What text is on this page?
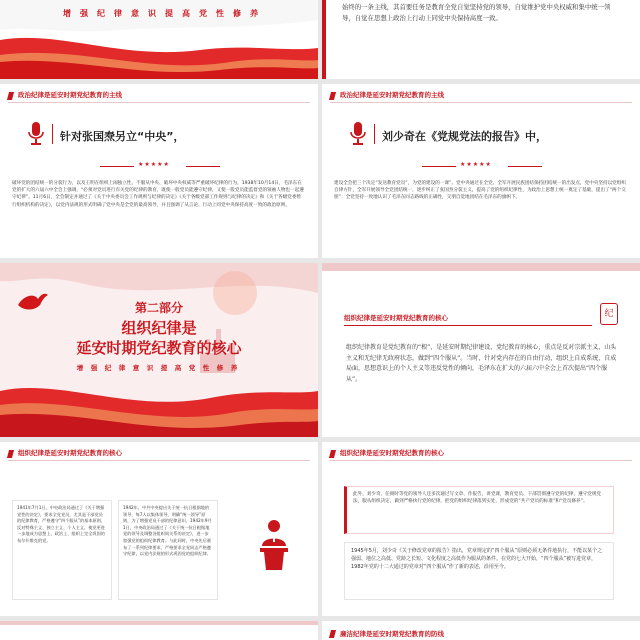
增	强	纪	律	意	识	提	高	党	性	修	养
始终的一条主线，其首要任务是教育全党自觉坚持党的领导，自觉维护党中央权威和集中统一领导，自觉在思想上政治上行动上同党中央保持高度一致。
政治纪律是延安时期党纪教育的主线
针对张国焘另立“中央”，
★★★★★
破坏党的团结统一的分裂行为，以及王明在组织上闹独立性、不服从中央、破坏中央权威等严重破坏纪律的行为，1938年10月14日，毛泽东在党的扩大的六届六中全会上强调，“必须对党员进行有关党的纪律的教育，既使一般党员能遵守纪律，又使一般党员能监督党的领袖人物也一起遵守纪律”。11月6日，全会制定并通过了《关于中央委员会工作规则与纪律的决定》《关于各级党部工作规则与纪律的决定》和《关于各级党委暂行组织机构的决定》，以党内法规的形式明确了党中央是全党的最高领导，并且强调了从言论、行动上同党中央保持高度一致的政治原则。
政治纪律是延安时期党纪教育的主线
刘少奇在《党规党法的报告》中，
★★★★★
建设全会把三个决定“发送教育党员”，为党的建设的一课”。党中央通过在全党、全军开展民族团结保持团结统一的出发点，党中央坚持以党组织自律方针，全军开展领导全党团结统一，逐步纠正了张国焘分裂主义，提高了党的组织纪律性，为政治上思想上统一奠定了基础，提出了“两个交朋”：全党坚持一致地认识了毛泽东同志路线的正确性，交朋自觉地团结在毛泽东的旗帜下。
第二部分
组织纪律是
延安时期党纪教育的核心
增	强	纪	律	意	识	提	高	党	性	修	养
组织纪律是延安时期党纪教育的核心	纪
组织纪律教育是党纪教育的“根”，是延安时期纪律建设、党纪教育的核心，重点是反对宗派主义、山头主义和无纪律无政府状态，做到“四个服从”。当时，针对党内存在的自由行动，组织上自成系统、自成局面，思想意识上的个人主义等违反党性的倾向，毛泽东在扩大的六届六中全会上首次提出“四个服从”。
组织纪律是延安时期党纪教育的核心
1941年7月1日，中央政治局通过了《关于增强党性的决定》，要求全党党员，尤其是干部党员的纪律教育，严格遵守“四个服从”的基本原则，反对特殊主义、独立主义、个人主义，使党更进一步地成为思想上、政治上、组织上完全巩固的布尔什维克的党。
1942年，中共中央提出关于统一抗日根据地的领导，每7人以集体领导，明确“统一领导”原则，为了增强党员干部的纪律意识，1942年9月1日，中央政治局通过了《关于统一抗日根据地党的领导及调整各组织间关系的决定》，进一步加强党的组织纪律教育。与此同时，中央先后颁布了一系列纪律要求，严格要求全党同志严格遵守纪律，以党内法规的形式巩固党的组织纪律。
组织纪律是延安时期党纪教育的核心
此外，刘少奇、任弼时等党的领导人还多次通过写文章、作报告、讲党课，教育党员、干部贯彻遵守党的纪律，遵守党规党法，服从组织决定，做到严格执行党的纪律，把党的组织纪律落到实处，形成党的“共产党员的标准”和“党员修养”。
1945年5月，刘少奇《关于修改党章的报告》指出，党章规定的“四个服从”原则必须无条件地执行，不能以某个之强弱、地位之高低、党龄之长短、文化程度之高低作为服从的条件。在党的七大开始，“四个服从”被写进党章，1982年党的十二大通过的党章对“四个服从”作了新的表述，沿用至今。
廉洁纪律是延安时期党纪教育的防线
